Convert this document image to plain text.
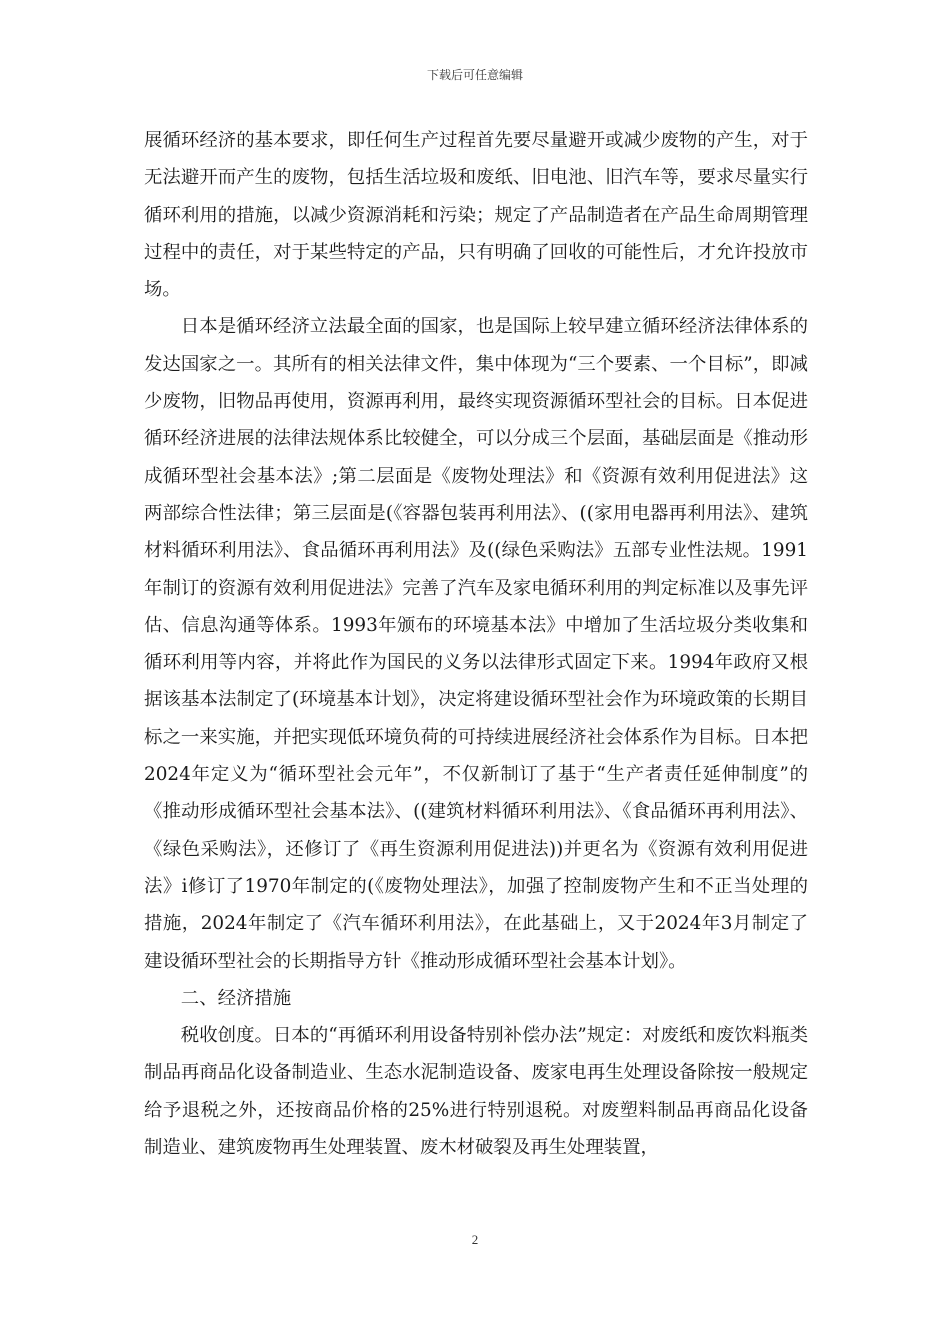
下载后可任意编辑

展循环经济的基本要求，即任何生产过程首先要尽量避开或减少废物的产生，对于无法避开而产生的废物，包括生活垃圾和废纸、旧电池、旧汽车等，要求尽量实行循环利用的措施，以减少资源消耗和污染；规定了产品制造者在产品生命周期管理过程中的责任，对于某些特定的产品，只有明确了回收的可能性后，才允许投放市场。

日本是循环经济立法最全面的国家，也是国际上较早建立循环经济法律体系的发达国家之一。其所有的相关法律文件，集中体现为“三个要素、一个目标”，即减少废物，旧物品再使用，资源再利用，最终实现资源循环型社会的目标。日本促进循环经济进展的法律法规体系比较健全，可以分成三个层面，基础层面是《推动形成循环型社会基本法》;第二层面是《废物处理法》和《资源有效利用促进法》这两部综合性法律；第三层面是(《容器包装再利用法》、((家用电器再利用法》、建筑材料循环利用法》、食品循环再利用法》及((绿色采购法》五部专业性法规。1991年制订的资源有效利用促进法》完善了汽车及家电循环利用的判定标准以及事先评估、信息沟通等体系。1993年颁布的环境基本法》中增加了生活垃圾分类收集和循环利用等内容，并将此作为国民的义务以法律形式固定下来。1994年政府又根据该基本法制定了(环境基本计划》，决定将建设循环型社会作为环境政策的长期目标之一来实施，并把实现低环境负荷的可持续进展经济社会体系作为目标。日本把2024年定义为“循环型社会元年”，不仅新制订了基于“生产者责任延伸制度”的《推动形成循环型社会基本法》、((建筑材料循环利用法》、《食品循环再利用法》、《绿色采购法》，还修订了《再生资源利用促进法))并更名为《资源有效利用促进法》i修订了1970年制定的(《废物处理法》，加强了控制废物产生和不正当处理的措施，2024年制定了《汽车循环利用法》，在此基础上，又于2024年3月制定了建设循环型社会的长期指导方针《推动形成循环型社会基本计划》。

二、经济措施

税收创度。日本的“再循环利用设备特别补偿办法”规定：对废纸和废饮料瓶类制品再商品化设备制造业、生态水泥制造设备、废家电再生处理设备除按一般规定给予退税之外，还按商品价格的25%进行特别退税。对废塑料制品再商品化设备制造业、建筑废物再生处理装置、废木材破裂及再生处理装置，

2
